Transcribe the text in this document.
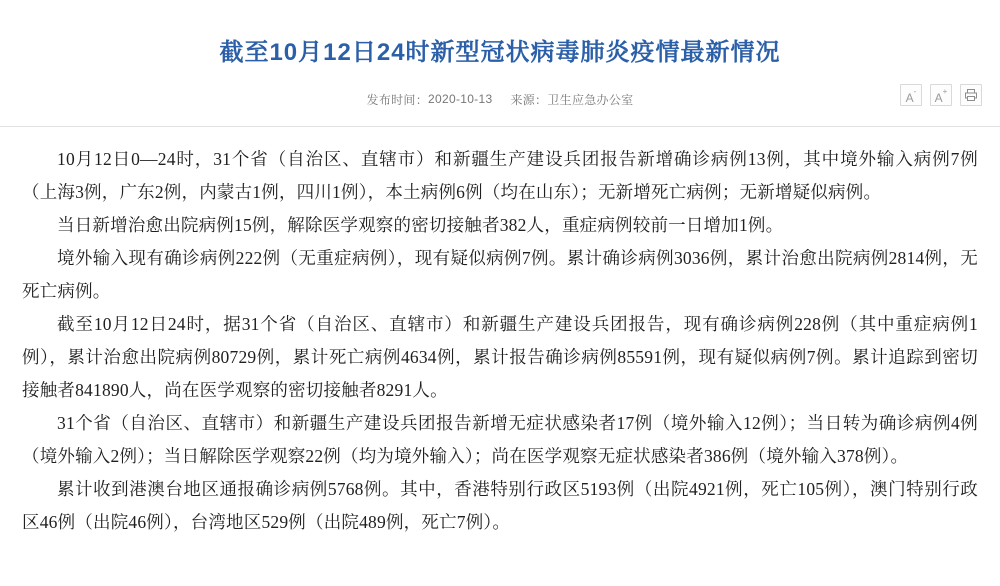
截至10月12日24时新型冠状病毒肺炎疫情最新情况
发布时间： 2020-10-13 来源： 卫生应急办公室	A-	A+

10月12日0—24时，31个省（自治区、直辖市）和新疆生产建设兵团报告新增确诊病例13例，其中境外输入病例7例（上海3例，广东2例，内蒙古1例，四川1例），本土病例6例（均在山东）；无新增死亡病例；无新增疑似病例。

当日新增治愈出院病例15例，解除医学观察的密切接触者382人，重症病例较前一日增加1例。

境外输入现有确诊病例222例（无重症病例），现有疑似病例7例。累计确诊病例3036例，累计治愈出院病例2814例，无死亡病例。

截至10月12日24时，据31个省（自治区、直辖市）和新疆生产建设兵团报告，现有确诊病例228例（其中重症病例1例），累计治愈出院病例80729例，累计死亡病例4634例，累计报告确诊病例85591例，现有疑似病例7例。累计追踪到密切接触者841890人，尚在医学观察的密切接触者8291人。

31个省（自治区、直辖市）和新疆生产建设兵团报告新增无症状感染者17例（境外输入12例）；当日转为确诊病例4例（境外输入2例）；当日解除医学观察22例（均为境外输入）；尚在医学观察无症状感染者386例（境外输入378例）。

累计收到港澳台地区通报确诊病例5768例。其中，香港特别行政区5193例（出院4921例，死亡105例），澳门特别行政区46例（出院46例），台湾地区529例（出院489例，死亡7例）。
